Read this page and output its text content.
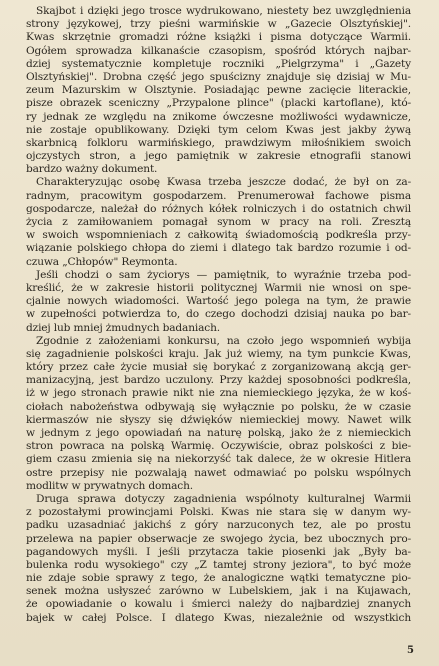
Skajbot i dzięki jego trosce wydrukowano, niestety bez uwzględnienia
strony językowej, trzy pieśni warmińskie w „Gazecie Olsztyńskiej".
Kwas skrzętnie gromadzi różne książki i pisma dotyczące Warmii.
Ogółem sprowadza kilkanaście czasopism, spośród których najbar-
dziej systematycznie kompletuje roczniki „Pielgrzyma" i „Gazety
Olsztyńskiej". Drobna część jego spuścizny znajduje się dzisiaj w Mu-
zeum Mazurskim w Olsztynie. Posiadając pewne zacięcie literackie,
pisze obrazek sceniczny „Przypalone plince" (placki kartoflane), któ-
ry jednak ze względu na znikome ówczesne możliwości wydawnicze,
nie zostaje opublikowany. Dzięki tym celom Kwas jest jakby żywą
skarbnicą folkloru warmińskiego, prawdziwym miłośnikiem swoich
ojczystych stron, a jego pamiętnik w zakresie etnografii stanowi
bardzo ważny dokument.
Charakteryzując osobę Kwasa trzeba jeszcze dodać, że był on za-
radnym, pracowitym gospodarzem. Prenumerował fachowe pisma
gospodarcze, należał do różnych kółek rolniczych i do ostatnich chwil
życia z zamiłowaniem pomagał synom w pracy na roli. Zresztą
w swoich wspomnieniach z całkowitą świadomością podkreśla przy-
wiązanie polskiego chłopa do ziemi i dlatego tak bardzo rozumie i od-
czuwa „Chłopów" Reymonta.
Jeśli chodzi o sam życiorys — pamiętnik, to wyraźnie trzeba pod-
kreślić, że w zakresie historii politycznej Warmii nie wnosi on spe-
cjalnie nowych wiadomości. Wartość jego polega na tym, że prawie
w zupełności potwierdza to, do czego dochodzi dzisiaj nauka po bar-
dziej lub mniej żmudnych badaniach.
Zgodnie z założeniami konkursu, na czoło jego wspomnień wybija
się zagadnienie polskości kraju. Jak już wiemy, na tym punkcie Kwas,
który przez całe życie musiał się borykać z zorganizowaną akcją ger-
manizacyjną, jest bardzo uczulony. Przy każdej sposobności podkreśla,
iż w jego stronach prawie nikt nie zna niemieckiego języka, że w koś-
ciołach nabożeństwa odbywają się wyłącznie po polsku, że w czasie
kiermaszów nie słyszy się dźwięków niemieckiej mowy. Nawet wilk
w jednym z jego opowiadań na naturę polską, jako że z niemieckich
stron powraca na polską Warmię. Oczywiście, obraz polskości z bie-
giem czasu zmienia się na niekorzyść tak dalece, że w okresie Hitlera
ostre przepisy nie pozwalają nawet odmawiać po polsku wspólnych
modlitw w prywatnych domach.
Druga sprawa dotyczy zagadnienia wspólnoty kulturalnej Warmii
z pozostałymi prowincjami Polski. Kwas nie stara się w danym wy-
padku uzasadniać jakichś z góry narzuconych tez, ale po prostu
przelewa na papier obserwacje ze swojego życia, bez ubocznych pro-
pagandowych myśli. I jeśli przytacza takie piosenki jak „Były ba-
bulenka rodu wysokiego" czy „Z tamtej strony jeziora", to być może
nie zdaje sobie sprawy z tego, że analogiczne wątki tematyczne pio-
senek można usłyszeć zarówno w Lubelskiem, jak i na Kujawach,
że opowiadanie o kowalu i śmierci należy do najbardziej znanych
bajek w całej Polsce. I dlatego Kwas, niezależnie od wszystkich
5
